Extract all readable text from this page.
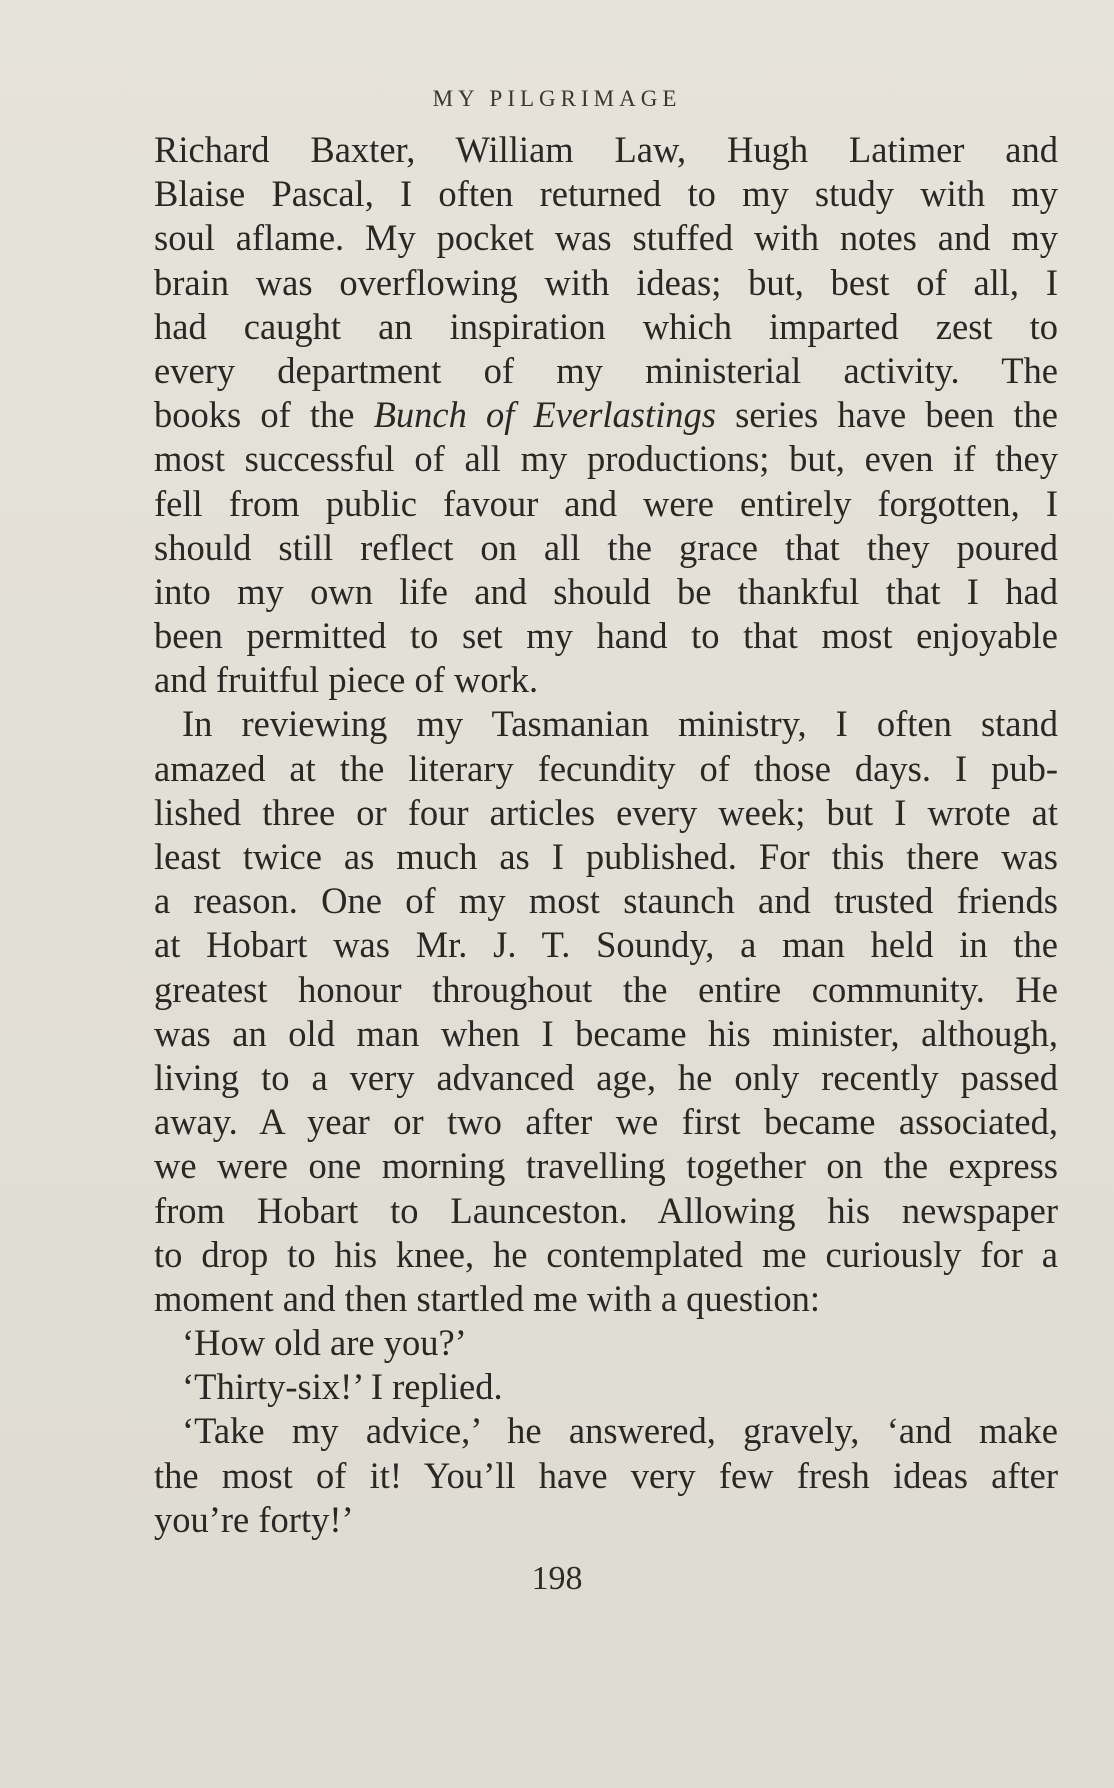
MY PILGRIMAGE
Richard Baxter, William Law, Hugh Latimer and
Blaise Pascal, I often returned to my study with my
soul aflame. My pocket was stuffed with notes and my
brain was overflowing with ideas; but, best of all, I
had caught an inspiration which imparted zest to
every department of my ministerial activity. The
books of the Bunch of Everlastings series have been the
most successful of all my productions; but, even if they
fell from public favour and were entirely forgotten, I
should still reflect on all the grace that they poured
into my own life and should be thankful that I had
been permitted to set my hand to that most enjoyable
and fruitful piece of work.
In reviewing my Tasmanian ministry, I often stand
amazed at the literary fecundity of those days. I pub-
lished three or four articles every week; but I wrote at
least twice as much as I published. For this there was
a reason. One of my most staunch and trusted friends
at Hobart was Mr. J. T. Soundy, a man held in the
greatest honour throughout the entire community. He
was an old man when I became his minister, although,
living to a very advanced age, he only recently passed
away. A year or two after we first became associated,
we were one morning travelling together on the express
from Hobart to Launceston. Allowing his newspaper
to drop to his knee, he contemplated me curiously for a
moment and then startled me with a question:
‘How old are you?’
‘Thirty-six!’ I replied.
‘Take my advice,’ he answered, gravely, ‘and make
the most of it! You’ll have very few fresh ideas after
you’re forty!’
198
